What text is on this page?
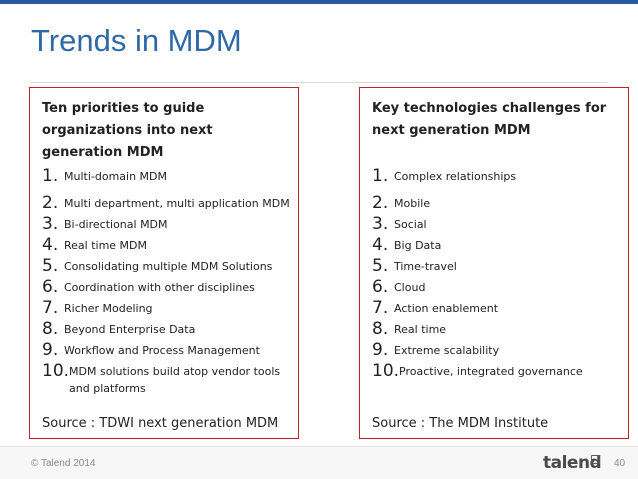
Trends in MDM
Ten priorities to guide organizations into next generation MDM
1. Multi-domain MDM
2. Multi department, multi application MDM
3. Bi-directional MDM
4. Real time MDM
5. Consolidating multiple MDM Solutions
6. Coordination with other disciplines
7. Richer Modeling
8. Beyond Enterprise Data
9. Workflow and Process Management
10. MDM solutions build atop vendor tools and platforms
Source : TDWI next generation MDM
Key technologies challenges for next generation MDM
1. Complex relationships
2. Mobile
3. Social
4. Big Data
5. Time-travel
6. Cloud
7. Action enablement
8. Real time
9. Extreme scalability
10. Proactive, integrated governance
Source : The MDM Institute
© Talend 2014	talend 40
